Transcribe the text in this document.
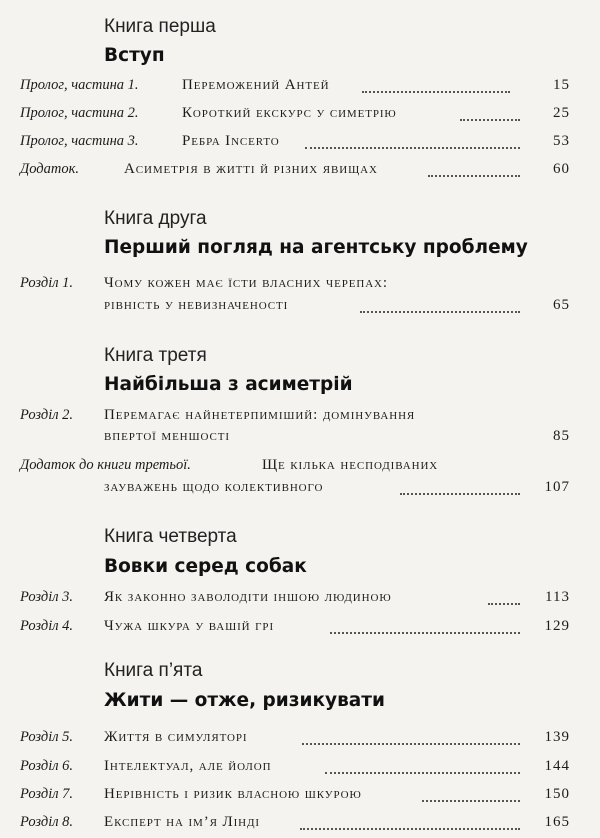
Книга перша
Вступ
Пролог, частина 1.	Переможений Антей	15
Пролог, частина 2.	Короткий екскурс у симетрію	25
Пролог, частина 3.	Ребра Incerto	53
Додаток.	Асиметрія в житті й різних явищах	60
Книга друга
Перший погляд на агентську проблему
Розділ 1. Чому кожен має їсти власних черепах:
рівність у невизначеності	65
Книга третя
Найбільша з асиметрій
Розділ 2. Перемагає найнетерпиміший: домінування
впертої меншості	85
Додаток до книги третьої.	Ще кілька несподіваних
зауважень щодо колективного	107
Книга четверта
Вовки серед собак
Розділ 3. Як законно заволодіти іншою людиною	113
Розділ 4. Чужа шкура у вашій грі	129
Книга п’ята
Жити — отже, ризикувати
Розділ 5. Життя в симуляторі	139
Розділ 6. Інтелектуал, але йолоп	144
Розділ 7. Нерівність і ризик власною шкурою	150
Розділ 8. Експерт на ім’я Лінді	165
